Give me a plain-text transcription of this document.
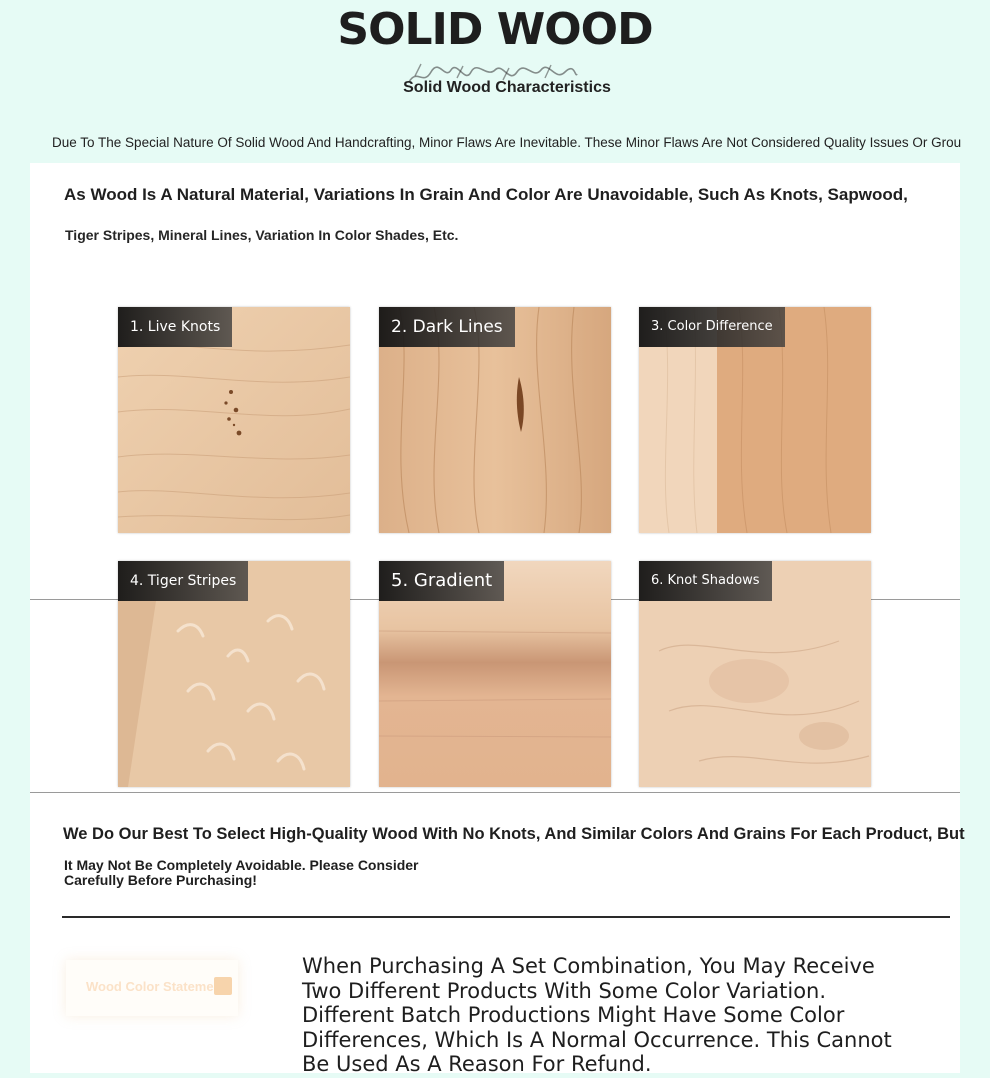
SOLID WOOD
Solid Wood Characteristics
Due To The Special Nature Of Solid Wood And Handcrafting, Minor Flaws Are Inevitable. These Minor Flaws Are Not Considered Quality Issues Or Grou
As Wood Is A Natural Material, Variations In Grain And Color Are Unavoidable, Such As Knots, Sapwood,
Tiger Stripes, Mineral Lines, Variation In Color Shades, Etc.
1. Live Knots	2. Dark Lines	3. Color Difference
4. Tiger Stripes	5. Gradient	6. Knot Shadows
We Do Our Best To Select High-Quality Wood With No Knots, And Similar Colors And Grains For Each Product, But
It May Not Be Completely Avoidable. Please Consider Carefully Before Purchasing!
Wood Color Stateme

When Purchasing A Set Combination, You May Receive Two Different Products With Some Color Variation.

Different Batch Productions Might Have Some Color Differences, Which Is A Normal Occurrence. This Cannot Be Used As A Reason For Refund.
